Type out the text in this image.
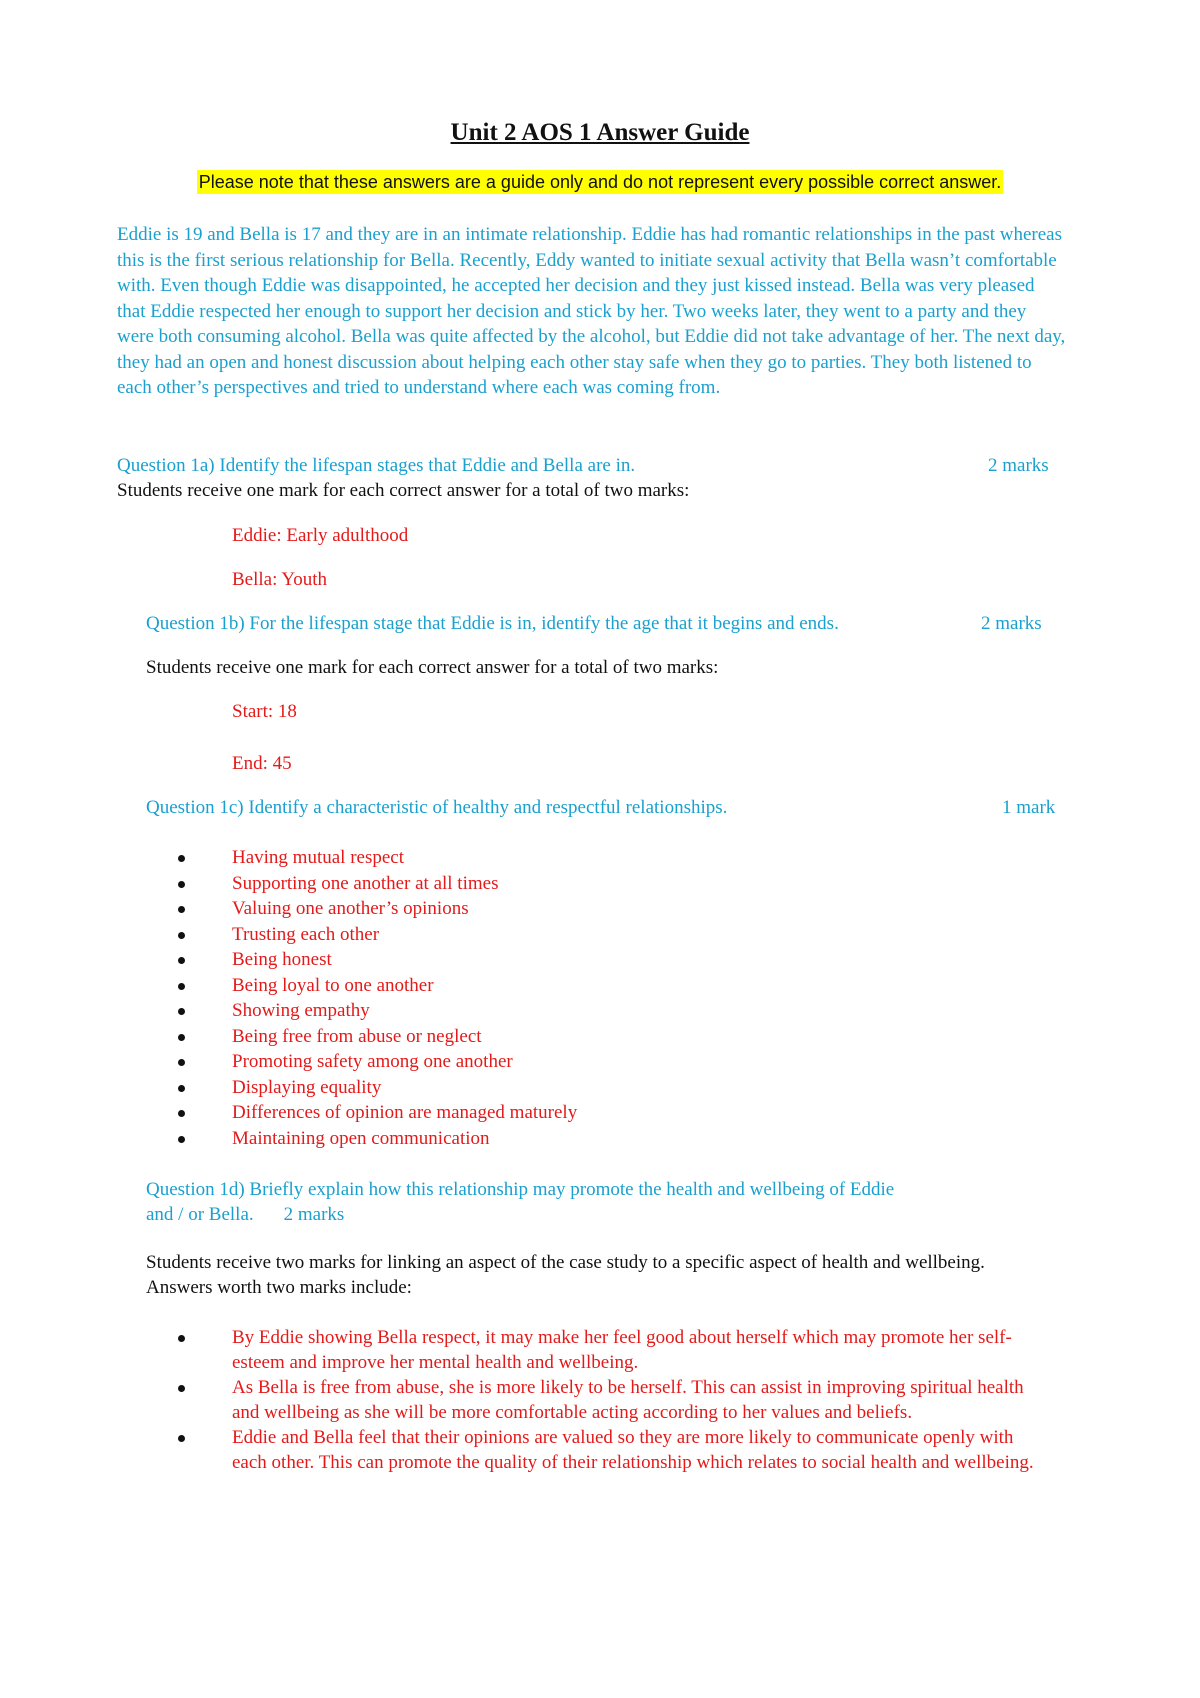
Unit 2 AOS 1 Answer Guide
Please note that these answers are a guide only and do not represent every possible correct answer.

Eddie is 19 and Bella is 17 and they are in an intimate relationship. Eddie has had romantic relationships in the past whereas this is the first serious relationship for Bella. Recently, Eddy wanted to initiate sexual activity that Bella wasn’t comfortable with. Even though Eddie was disappointed, he accepted her decision and they just kissed instead. Bella was very pleased that Eddie respected her enough to support her decision and stick by her. Two weeks later, they went to a party and they were both consuming alcohol. Bella was quite affected by the alcohol, but Eddie did not take advantage of her. The next day, they had an open and honest discussion about helping each other stay safe when they go to parties. They both listened to each other’s perspectives and tried to understand where each was coming from.

Question 1a) Identify the lifespan stages that Eddie and Bella are in.	2 marks

Students receive one mark for each correct answer for a total of two marks:

Eddie: Early adulthood

Bella: Youth

Question 1b) For the lifespan stage that Eddie is in, identify the age that it begins and ends.	2 marks

Students receive one mark for each correct answer for a total of two marks:

Start: 18

End: 45

Question 1c) Identify a characteristic of healthy and respectful relationships.	1 mark

Having mutual respect
Supporting one another at all times
Valuing one another’s opinions
Trusting each other
Being honest
Being loyal to one another
Showing empathy
Being free from abuse or neglect
Promoting safety among one another
Displaying equality
Differences of opinion are managed maturely
Maintaining open communication

Question 1d) Briefly explain how this relationship may promote the health and wellbeing of Eddie

and / or Bella. 2 marks

Students receive two marks for linking an aspect of the case study to a specific aspect of health and wellbeing. Answers worth two marks include:

By Eddie showing Bella respect, it may make her feel good about herself which may promote her self-esteem and improve her mental health and wellbeing.
As Bella is free from abuse, she is more likely to be herself. This can assist in improving spiritual health and wellbeing as she will be more comfortable acting according to her values and beliefs.
Eddie and Bella feel that their opinions are valued so they are more likely to communicate openly with each other. This can promote the quality of their relationship which relates to social health and wellbeing.
